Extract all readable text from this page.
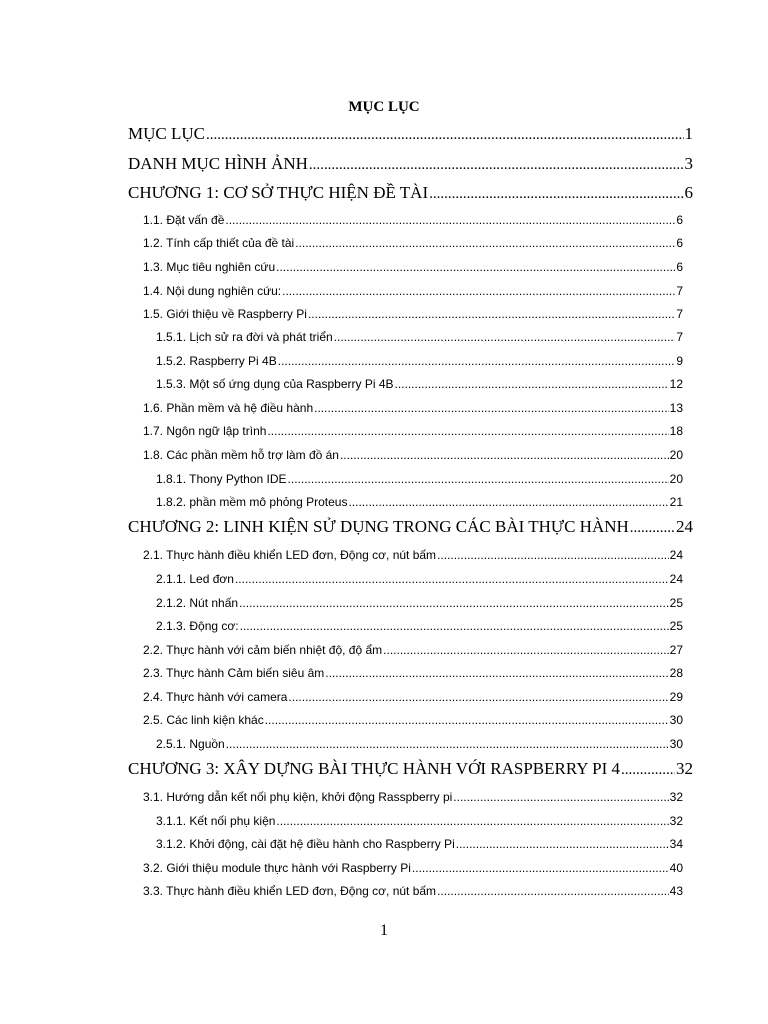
MỤC LỤC
MỤC LỤC .....	1
DANH MỤC HÌNH ẢNH .....	3
CHƯƠNG 1: CƠ SỞ THỰC HIỆN ĐỀ TÀI .....	6
1.1. Đặt vấn đề .....	6
1.2. Tính cấp thiết của đề tài .....	6
1.3. Mục tiêu nghiên cứu .....	6
1.4. Nội dung nghiên cứu: .....	7
1.5. Giới thiệu về Raspberry Pi .....	7
1.5.1. Lịch sử ra đời và phát triển .....	7
1.5.2. Raspberry Pi 4B .....	9
1.5.3. Một số ứng dụng của Raspberry Pi 4B .....	12
1.6. Phần mềm và hệ điều hành .....	13
1.7. Ngôn ngữ lập trình .....	18
1.8. Các phần mềm hỗ trợ làm đồ án .....	20
1.8.1. Thony Python IDE .....	20
1.8.2. phần mềm mô phỏng Proteus .....	21
CHƯƠNG 2: LINH KIỆN SỬ DỤNG TRONG CÁC BÀI THỰC HÀNH .....	24
2.1. Thực hành điều khiển LED đơn, Động cơ, nút bấm .....	24
2.1.1. Led đơn .....	24
2.1.2. Nút nhấn .....	25
2.1.3. Động cơ: .....	25
2.2. Thực hành với cảm biến nhiệt độ, độ ẩm .....	27
2.3. Thực hành Cảm biến siêu âm .....	28
2.4. Thực hành với camera .....	29
2.5. Các linh kiện khác .....	30
2.5.1. Nguồn .....	30
CHƯƠNG 3: XÂY DỰNG BÀI THỰC HÀNH VỚI RASPBERRY PI 4 .....	32
3.1. Hướng dẫn kết nối phụ kiện, khởi động Rasspberry pi .....	32
3.1.1. Kết nối phụ kiện .....	32
3.1.2. Khởi động, cài đặt hệ điều hành cho Raspberry Pi .....	34
3.2. Giới thiệu module thực hành với Raspberry Pi .....	40
3.3. Thực hành điều khiển LED đơn, Động cơ, nút bấm .....	43
1
